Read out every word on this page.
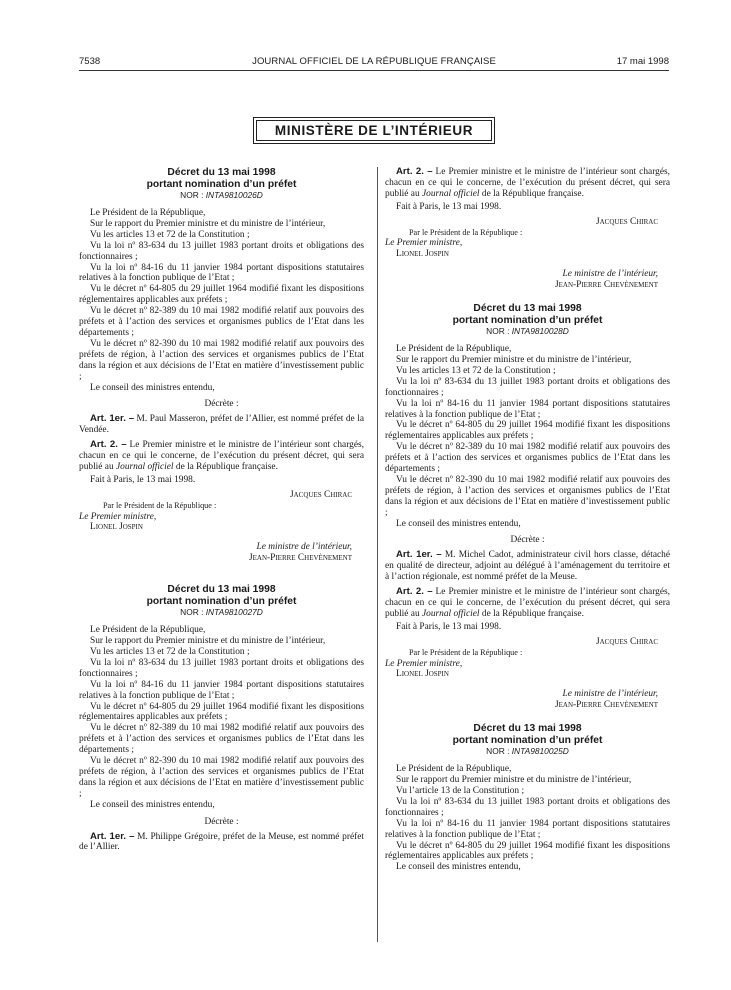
7538	JOURNAL OFFICIEL DE LA RÉPUBLIQUE FRANÇAISE	17 mai 1998
MINISTÈRE DE L’INTÉRIEUR
Décret du 13 mai 1998
portant nomination d’un préfet
NOR : INTA9810026D
Le Président de la République,
Sur le rapport du Premier ministre et du ministre de l’intérieur,
Vu les articles 13 et 72 de la Constitution ;
Vu la loi nº 83-634 du 13 juillet 1983 portant droits et obligations des fonctionnaires ;
Vu la loi nº 84-16 du 11 janvier 1984 portant dispositions statutaires relatives à la fonction publique de l’Etat ;
Vu le décret nº 64-805 du 29 juillet 1964 modifié fixant les dispositions réglementaires applicables aux préfets ;
Vu le décret nº 82-389 du 10 mai 1982 modifié relatif aux pouvoirs des préfets et à l’action des services et organismes publics de l’Etat dans les départements ;
Vu le décret nº 82-390 du 10 mai 1982 modifié relatif aux pouvoirs des préfets de région, à l’action des services et organismes publics de l’Etat dans la région et aux décisions de l’Etat en matière d’investissement public ;
Le conseil des ministres entendu,
Décrète :
Art. 1er. – M. Paul Masseron, préfet de l’Allier, est nommé préfet de la Vendée.
Art. 2. – Le Premier ministre et le ministre de l’intérieur sont chargés, chacun en ce qui le concerne, de l’exécution du présent décret, qui sera publié au Journal officiel de la République française.
Fait à Paris, le 13 mai 1998.
Jacques Chirac
Par le Président de la République :
Le Premier ministre,
Lionel Jospin
Le ministre de l’intérieur,
Jean-Pierre Chevènement
Décret du 13 mai 1998
portant nomination d’un préfet
NOR : INTA9810027D
Le Président de la République,
Sur le rapport du Premier ministre et du ministre de l’intérieur,
Vu les articles 13 et 72 de la Constitution ;
Vu la loi nº 83-634 du 13 juillet 1983 portant droits et obligations des fonctionnaires ;
Vu la loi nº 84-16 du 11 janvier 1984 portant dispositions statutaires relatives à la fonction publique de l’Etat ;
Vu le décret nº 64-805 du 29 juillet 1964 modifié fixant les dispositions réglementaires applicables aux préfets ;
Vu le décret nº 82-389 du 10 mai 1982 modifié relatif aux pouvoirs des préfets et à l’action des services et organismes publics de l’Etat dans les départements ;
Vu le décret nº 82-390 du 10 mai 1982 modifié relatif aux pouvoirs des préfets de région, à l’action des services et organismes publics de l’Etat dans la région et aux décisions de l’Etat en matière d’investissement public ;
Le conseil des ministres entendu,
Décrète :
Art. 1er. – M. Philippe Grégoire, préfet de la Meuse, est nommé préfet de l’Allier.
Art. 2. – Le Premier ministre et le ministre de l’intérieur sont chargés, chacun en ce qui le concerne, de l’exécution du présent décret, qui sera publié au Journal officiel de la République française.
Fait à Paris, le 13 mai 1998.
Jacques Chirac
Par le Président de la République :
Le Premier ministre,
Lionel Jospin
Le ministre de l’intérieur,
Jean-Pierre Chevènement
Décret du 13 mai 1998
portant nomination d’un préfet
NOR : INTA9810028D
Le Président de la République,
Sur le rapport du Premier ministre et du ministre de l’intérieur,
Vu les articles 13 et 72 de la Constitution ;
Vu la loi nº 83-634 du 13 juillet 1983 portant droits et obligations des fonctionnaires ;
Vu la loi nº 84-16 du 11 janvier 1984 portant dispositions statutaires relatives à la fonction publique de l’Etat ;
Vu le décret nº 64-805 du 29 juillet 1964 modifié fixant les dispositions réglementaires applicables aux préfets ;
Vu le décret nº 82-389 du 10 mai 1982 modifié relatif aux pouvoirs des préfets et à l’action des services et organismes publics de l’Etat dans les départements ;
Vu le décret nº 82-390 du 10 mai 1982 modifié relatif aux pouvoirs des préfets de région, à l’action des services et organismes publics de l’Etat dans la région et aux décisions de l’Etat en matière d’investissement public ;
Le conseil des ministres entendu,
Décrète :
Art. 1er. – M. Michel Cadot, administrateur civil hors classe, détaché en qualité de directeur, adjoint au délégué à l’aménagement du territoire et à l’action régionale, est nommé préfet de la Meuse.
Art. 2. – Le Premier ministre et le ministre de l’intérieur sont chargés, chacun en ce qui le concerne, de l’exécution du présent décret, qui sera publié au Journal officiel de la République française.
Fait à Paris, le 13 mai 1998.
Jacques Chirac
Par le Président de la République :
Le Premier ministre,
Lionel Jospin
Le ministre de l’intérieur,
Jean-Pierre Chevènement
Décret du 13 mai 1998
portant nomination d’un préfet
NOR : INTA9810025D
Le Président de la République,
Sur le rapport du Premier ministre et du ministre de l’intérieur,
Vu l’article 13 de la Constitution ;
Vu la loi nº 83-634 du 13 juillet 1983 portant droits et obligations des fonctionnaires ;
Vu la loi nº 84-16 du 11 janvier 1984 portant dispositions statutaires relatives à la fonction publique de l’Etat ;
Vu le décret nº 64-805 du 29 juillet 1964 modifié fixant les dispositions réglementaires applicables aux préfets ;
Le conseil des ministres entendu,
